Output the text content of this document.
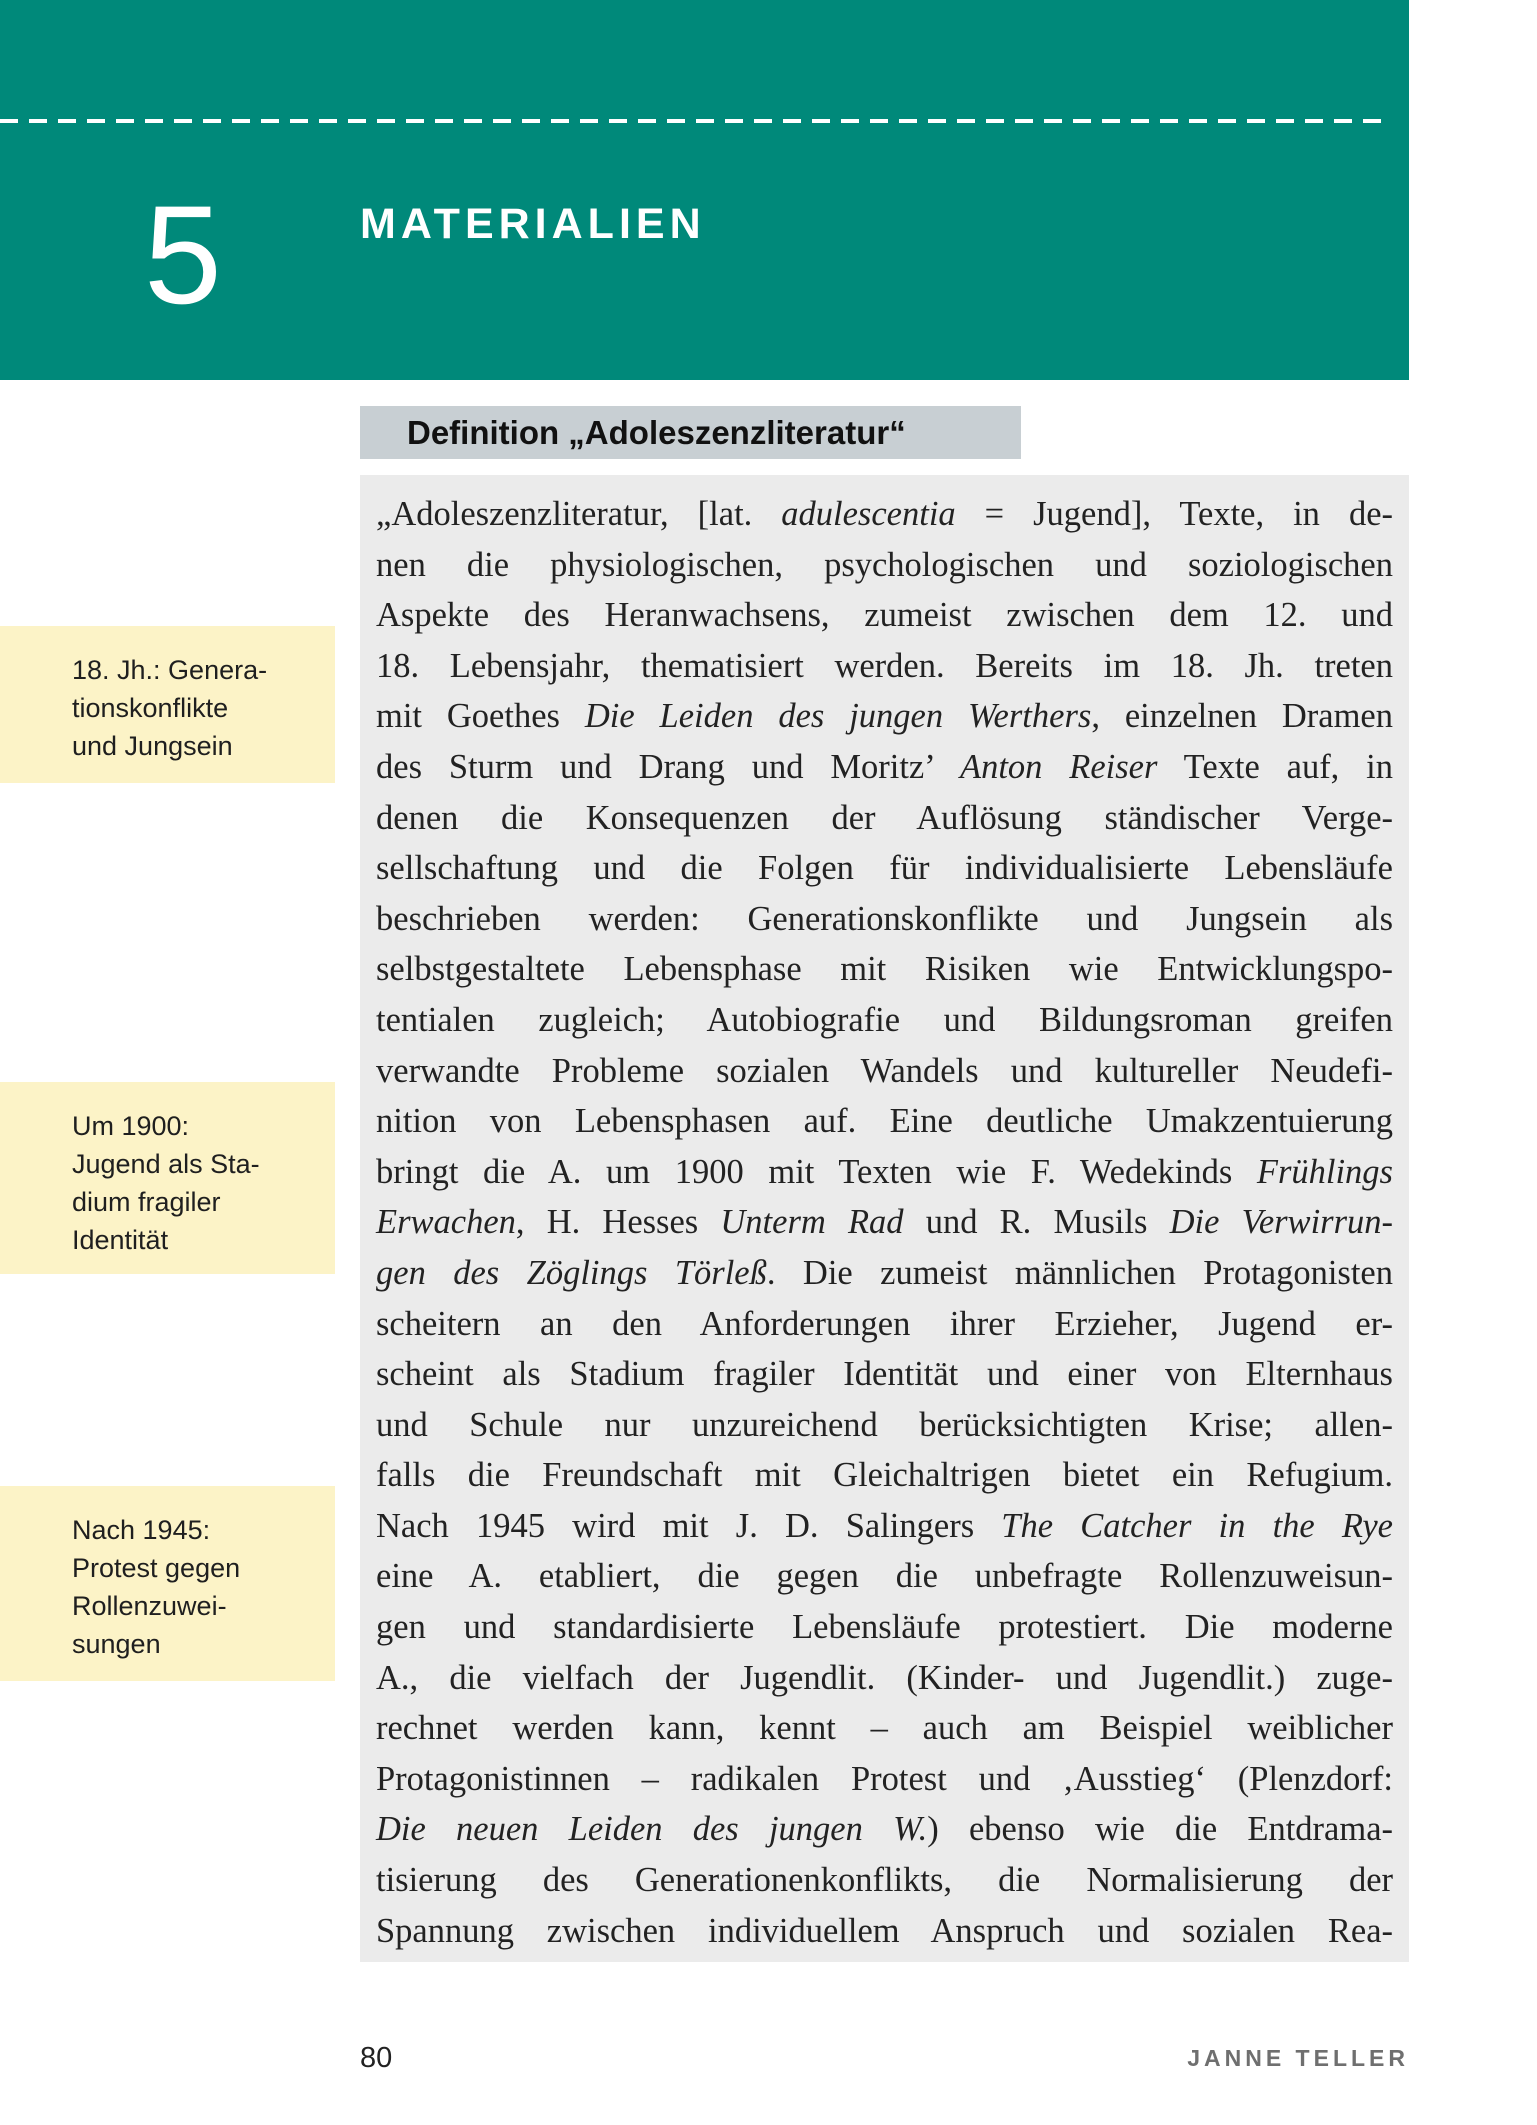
5	MATERIALIEN
Definition „Adoleszenzliteratur“

„Adoleszenzliteratur, [lat. adulescentia = Jugend], Texte, in de-
nen die physiologischen, psychologischen und soziologischen
Aspekte des Heranwachsens, zumeist zwischen dem 12. und
18. Lebensjahr, thematisiert werden. Bereits im 18. Jh. treten
mit Goethes Die Leiden des jungen Werthers, einzelnen Dramen
des Sturm und Drang und Moritz’ Anton Reiser Texte auf, in
denen die Konsequenzen der Auflösung ständischer Verge-
sellschaftung und die Folgen für individualisierte Lebensläufe
beschrieben werden: Generationskonflikte und Jungsein als
selbstgestaltete Lebensphase mit Risiken wie Entwicklungspo-
tentialen zugleich; Autobiografie und Bildungsroman greifen
verwandte Probleme sozialen Wandels und kultureller Neudefi-
nition von Lebensphasen auf. Eine deutliche Umakzentuierung
bringt die A. um 1900 mit Texten wie F. Wedekinds Frühlings
Erwachen, H. Hesses Unterm Rad und R. Musils Die Verwirrun-
gen des Zöglings Törleß. Die zumeist männlichen Protagonisten
scheitern an den Anforderungen ihrer Erzieher, Jugend er-
scheint als Stadium fragiler Identität und einer von Elternhaus
und Schule nur unzureichend berücksichtigten Krise; allen-
falls die Freundschaft mit Gleichaltrigen bietet ein Refugium.
Nach 1945 wird mit J. D. Salingers The Catcher in the Rye
eine A. etabliert, die gegen die unbefragte Rollenzuweisun-
gen und standardisierte Lebensläufe protestiert. Die moderne
A., die vielfach der Jugendlit. (Kinder- und Jugendlit.) zuge-
rechnet werden kann, kennt – auch am Beispiel weiblicher
Protagonistinnen – radikalen Protest und ‚Ausstieg‘ (Plenzdorf:
Die neuen Leiden des jungen W.) ebenso wie die Entdrama-
tisierung des Generationenkonflikts, die Normalisierung der
Spannung zwischen individuellem Anspruch und sozialen Rea-

18. Jh.: Genera-
tionskonflikte
und Jungsein
Um 1900:
Jugend als Sta-
dium fragiler
Identität
Nach 1945:
Protest gegen
Rollenzuwei-
sungen
80	JANNE TELLER
